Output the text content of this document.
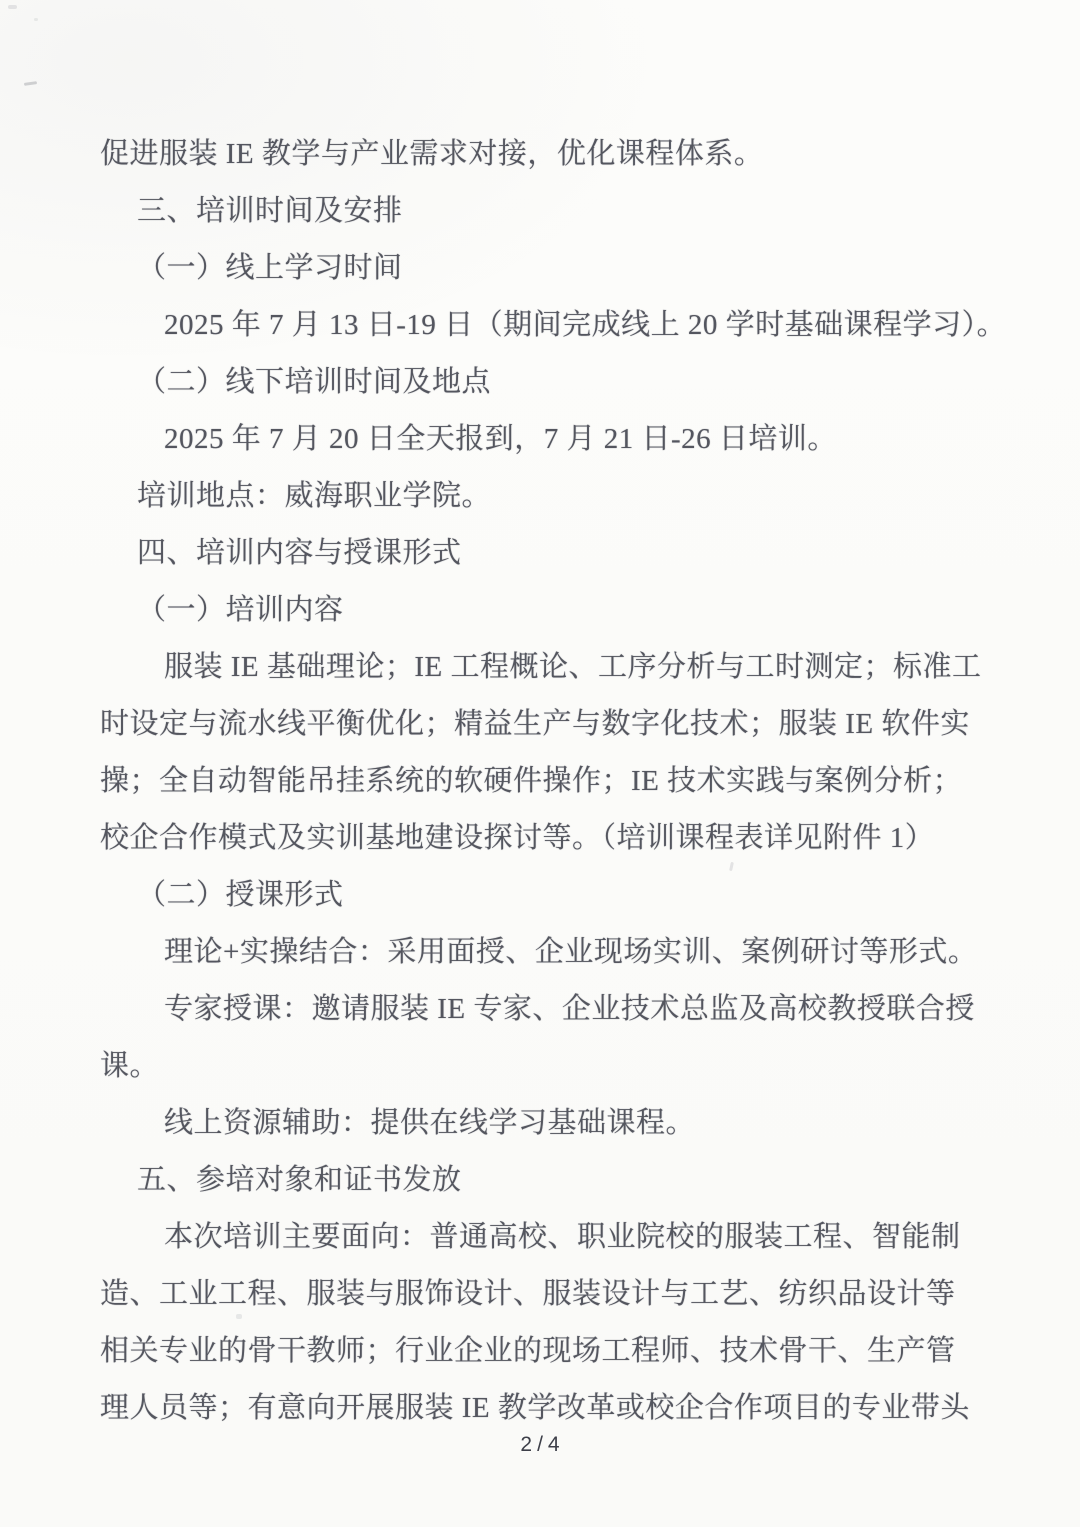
促进服装 IE 教学与产业需求对接，优化课程体系。
三、培训时间及安排
（一）线上学习时间
2025 年 7 月 13 日-19 日（期间完成线上 20 学时基础课程学习）。
（二）线下培训时间及地点
2025 年 7 月 20 日全天报到，7 月 21 日-26 日培训。
培训地点：威海职业学院。
四、培训内容与授课形式
（一）培训内容
服装 IE 基础理论；IE 工程概论、工序分析与工时测定；标准工
时设定与流水线平衡优化；精益生产与数字化技术；服装 IE 软件实
操；全自动智能吊挂系统的软硬件操作；IE 技术实践与案例分析；
校企合作模式及实训基地建设探讨等。（培训课程表详见附件 1）
（二）授课形式
理论+实操结合：采用面授、企业现场实训、案例研讨等形式。
专家授课：邀请服装 IE 专家、企业技术总监及高校教授联合授
课。
线上资源辅助：提供在线学习基础课程。
五、参培对象和证书发放
本次培训主要面向：普通高校、职业院校的服装工程、智能制
造、工业工程、服装与服饰设计、服装设计与工艺、纺织品设计等
相关专业的骨干教师；行业企业的现场工程师、技术骨干、生产管
理人员等；有意向开展服装 IE 教学改革或校企合作项目的专业带头
2/4
